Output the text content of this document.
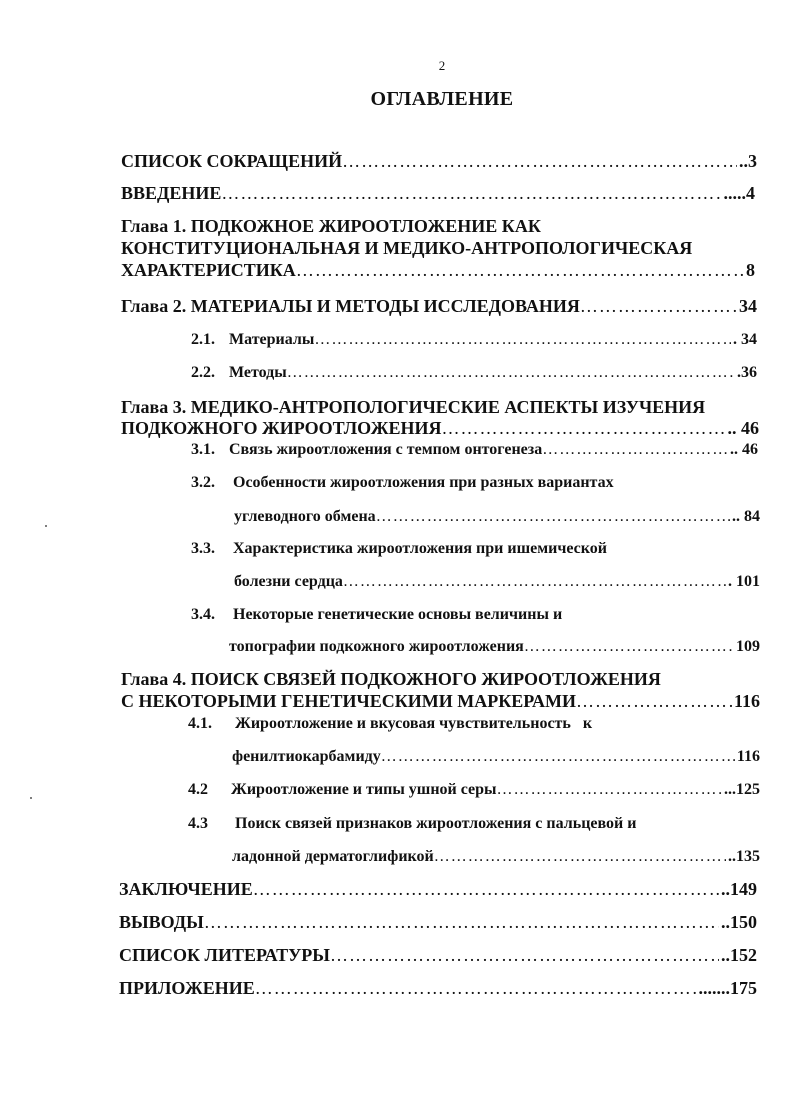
2
ОГЛАВЛЕНИЕ
СПИСОК СОКРАЩЕНИЙ ……………………………………………………………………………………………………………………………………………………………	..3
ВВЕДЕНИЕ ……………………………………………………………………………………………………………………………………………………………	.....4
Глава 1. ПОДКОЖНОЕ ЖИРООТЛОЖЕНИЕ КАК
КОНСТИТУЦИОНАЛЬНАЯ И МЕДИКО-АНТРОПОЛОГИЧЕСКАЯ
ХАРАКТЕРИСТИКА ……………………………………………………………………………………………………………………………………………………………	8
Глава 2. МАТЕРИАЛЫ И МЕТОДЫ ИССЛЕДОВАНИЯ ……………………………………………………………………………………………………………………………………………………………	34
2.1. Материалы ……………………………………………………………………………………………………………………………………………………………	. 34
2.2. Методы ……………………………………………………………………………………………………………………………………………………………	.36
Глава 3. МЕДИКО-АНТРОПОЛОГИЧЕСКИЕ АСПЕКТЫ ИЗУЧЕНИЯ
ПОДКОЖНОГО ЖИРООТЛОЖЕНИЯ ……………………………………………………………………………………………………………………………………………………………	.. 46
3.1. Связь жироотложения с темпом онтогенеза ……………………………………………………………………………………………………………………………………………………………	.. 46
3.2. Особенности жироотложения при разных вариантах
углеводного обмена ……………………………………………………………………………………………………………………………………………………………	.. 84
3.3. Характеристика жироотложения при ишемической
болезни сердца ……………………………………………………………………………………………………………………………………………………………	. 101
3.4. Некоторые генетические основы величины и
топографии подкожного жироотложения ……………………………………………………………………………………………………………………………………………………………	109
Глава 4. ПОИСК СВЯЗЕЙ ПОДКОЖНОГО ЖИРООТЛОЖЕНИЯ
С НЕКОТОРЫМИ ГЕНЕТИЧЕСКИМИ МАРКЕРАМИ ……………………………………………………………………………………………………………………………………………………………	116
4.1. Жироотложение и вкусовая чувствительность   к
фенилтиокарбамиду ……………………………………………………………………………………………………………………………………………………………	116
4.2	Жироотложение и типы ушной серы ……………………………………………………………………………………………………………………………………………………………	...125
4.3 Поиск связей признаков жироотложения с пальцевой и
ладонной дерматоглификой ……………………………………………………………………………………………………………………………………………………………	..135
ЗАКЛЮЧЕНИЕ ……………………………………………………………………………………………………………………………………………………………	..149
ВЫВОДЫ ……………………………………………………………………………………………………………………………………………………………	..150
СПИСОК ЛИТЕРАТУРЫ ……………………………………………………………………………………………………………………………………………………………	..152
ПРИЛОЖЕНИЕ ……………………………………………………………………………………………………………………………………………………………	.......175
